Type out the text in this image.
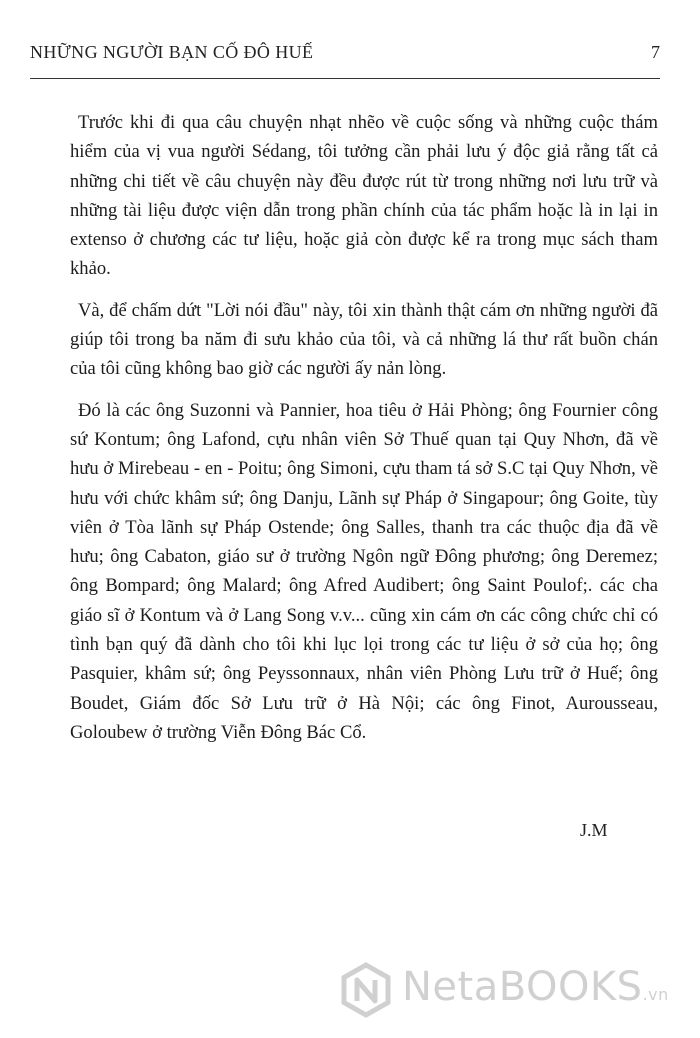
NHỮNG NGƯỜI BẠN CỐ ĐÔ HUẾ	7

Trước khi đi qua câu chuyện nhạt nhẽo về cuộc sống và những cuộc thám hiểm của vị vua người Sédang, tôi tưởng cần phải lưu ý độc giả rằng tất cả những chi tiết về câu chuyện này đều được rút từ trong những nơi lưu trữ và những tài liệu được viện dẫn trong phần chính của tác phẩm hoặc là in lại in extenso ở chương các tư liệu, hoặc giả còn được kể ra trong mục sách tham khảo.

Và, để chấm dứt "Lời nói đầu" này, tôi xin thành thật cám ơn những người đã giúp tôi trong ba năm đi sưu khảo của tôi, và cả những lá thư rất buồn chán của tôi cũng không bao giờ các người ấy nản lòng.

Đó là các ông Suzonni và Pannier, hoa tiêu ở Hải Phòng; ông Fournier công sứ Kontum; ông Lafond, cựu nhân viên Sở Thuế quan tại Quy Nhơn, đã về hưu ở Mirebeau - en - Poitu; ông Simoni, cựu tham tá sở S.C tại Quy Nhơn, về hưu với chức khâm sứ; ông Danju, Lãnh sự Pháp ở Singapour; ông Goite, tùy viên ở Tòa lãnh sự Pháp Ostende; ông Salles, thanh tra các thuộc địa đã về hưu; ông Cabaton, giáo sư ở trường Ngôn ngữ Đông phương; ông Deremez; ông Bompard; ông Malard; ông Afred Audibert; ông Saint Poulof;. các cha giáo sĩ ở Kontum và ở Lang Song v.v... cũng xin cám ơn các công chức chỉ có tình bạn quý đã dành cho tôi khi lục lọi trong các tư liệu ở sở của họ; ông Pasquier, khâm sứ; ông Peyssonnaux, nhân viên Phòng Lưu trữ ở Huế; ông Boudet, Giám đốc Sở Lưu trữ ở Hà Nội; các ông Finot, Aurousseau, Goloubew ở trường Viễn Đông Bác Cổ.

J.M
NetaBOOKS.vn
